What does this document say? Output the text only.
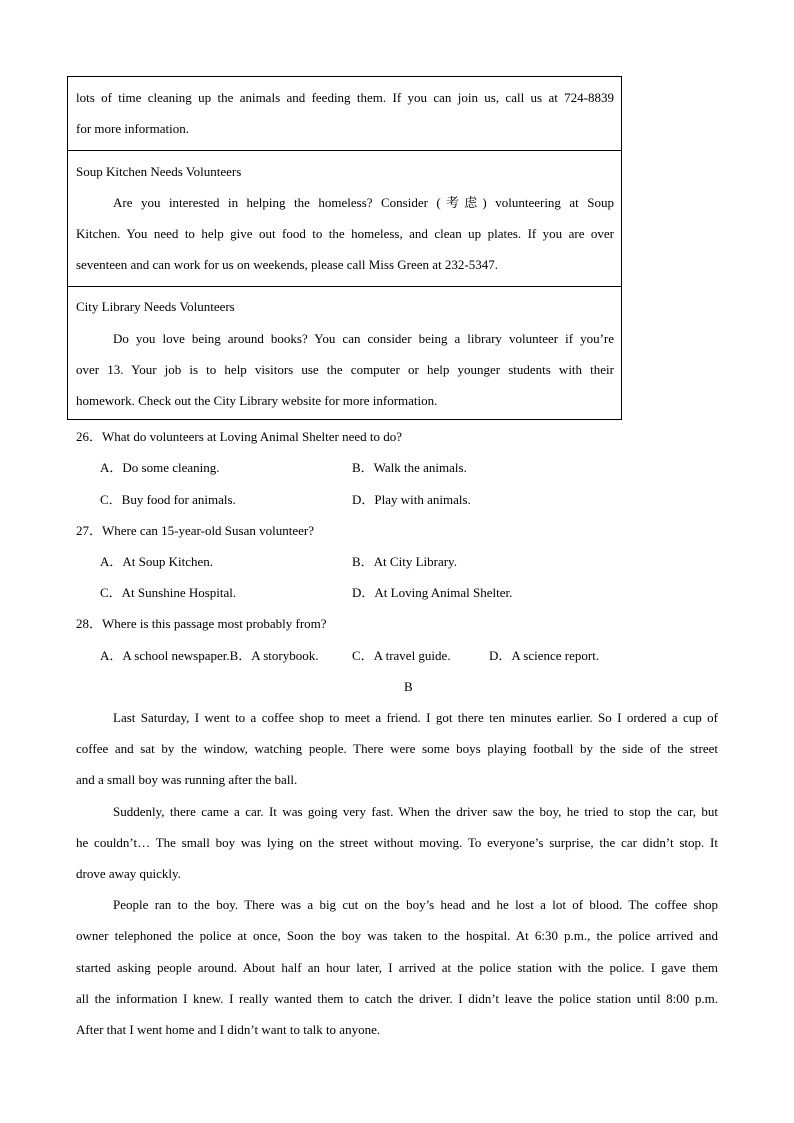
lots of time cleaning up the animals and feeding them. If you can join us, call us at 724-8839
for more information.
Soup Kitchen Needs Volunteers
Are you interested in helping the homeless? Consider (考虑) volunteering at Soup
Kitchen. You need to help give out food to the homeless, and clean up plates. If you are over
seventeen and can work for us on weekends, please call Miss Green at 232-5347.
City Library Needs Volunteers
Do you love being around books? You can consider being a library volunteer if you’re
over 13. Your job is to help visitors use the computer or help younger students with their
homework. Check out the City Library website for more information.
26．What do volunteers at Loving Animal Shelter need to do?
A．Do some cleaning.	B．Walk the animals.
C．Buy food for animals.	D．Play with animals.
27．Where can 15-year-old Susan volunteer?
A．At Soup Kitchen.	B．At City Library.
C．At Sunshine Hospital.	D．At Loving Animal Shelter.
28．Where is this passage most probably from?
A．A school newspaper.B．A storybook.	C．A travel guide.	D．A science report.
B
Last Saturday, I went to a coffee shop to meet a friend. I got there ten minutes earlier. So I ordered a cup of
coffee and sat by the window, watching people. There were some boys playing football by the side of the street
and a small boy was running after the ball.
Suddenly, there came a car. It was going very fast. When the driver saw the boy, he tried to stop the car, but
he couldn’t… The small boy was lying on the street without moving. To everyone’s surprise, the car didn’t stop. It
drove away quickly.
People ran to the boy. There was a big cut on the boy’s head and he lost a lot of blood. The coffee shop
owner telephoned the police at once, Soon the boy was taken to the hospital. At 6:30 p.m., the police arrived and
started asking people around. About half an hour later, I arrived at the police station with the police. I gave them
all the information I knew. I really wanted them to catch the driver. I didn’t leave the police station until 8:00 p.m.
After that I went home and I didn’t want to talk to anyone.
